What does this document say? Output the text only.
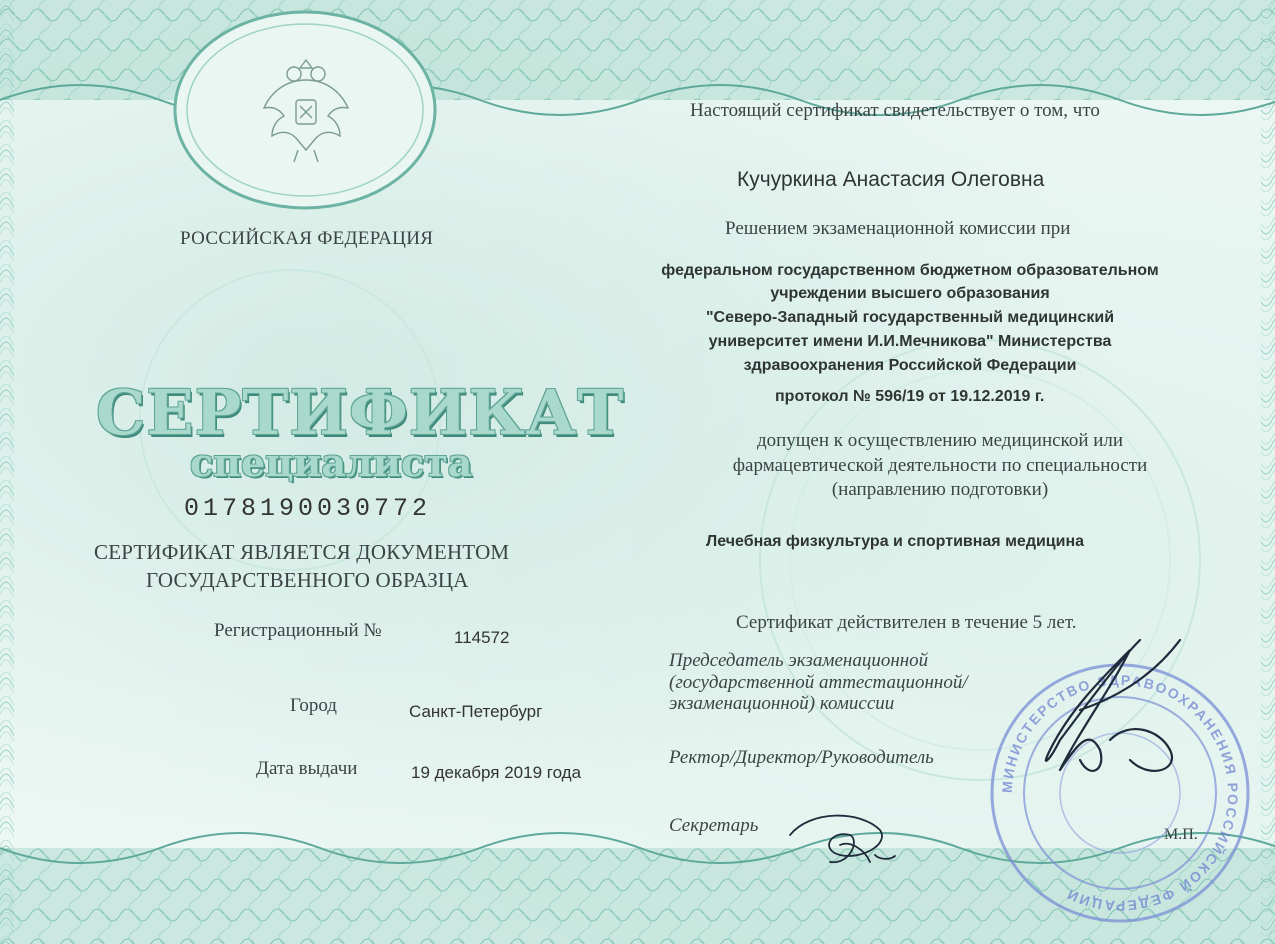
РОССИЙСКАЯ ФЕДЕРАЦИЯ
СЕРТИФИКАТ
специалиста
0178190030772
СЕРТИФИКАТ ЯВЛЯЕТСЯ ДОКУМЕНТОМ
ГОСУДАРСТВЕННОГО ОБРАЗЦА
Регистрационный №	114572
Город	Санкт-Петербург
Дата выдачи	19 декабря 2019 года
Настоящий сертификат свидетельствует о том, что
Кучуркина Анастасия Олеговна
Решением экзаменационной комиссии при
федеральном государственном бюджетном образовательном
учреждении высшего образования
"Северо-Западный государственный медицинский
университет имени И.И.Мечникова" Министерства
здравоохранения Российской Федерации
протокол № 596/19 от 19.12.2019 г.
допущен к осуществлению медицинской или
фармацевтической деятельности по специальности
(направлению подготовки)
Лечебная физкультура и спортивная медицина
Сертификат действителен в течение 5 лет.
Председатель экзаменационной
(государственной аттестационной/
экзаменационной) комиссии
Ректор/Директор/Руководитель
Секретарь	М.П.
МИНИСТЕРСТВО ЗДРАВООХРАНЕНИЯ РОССИЙСКОЙ ФЕДЕРАЦИИ
